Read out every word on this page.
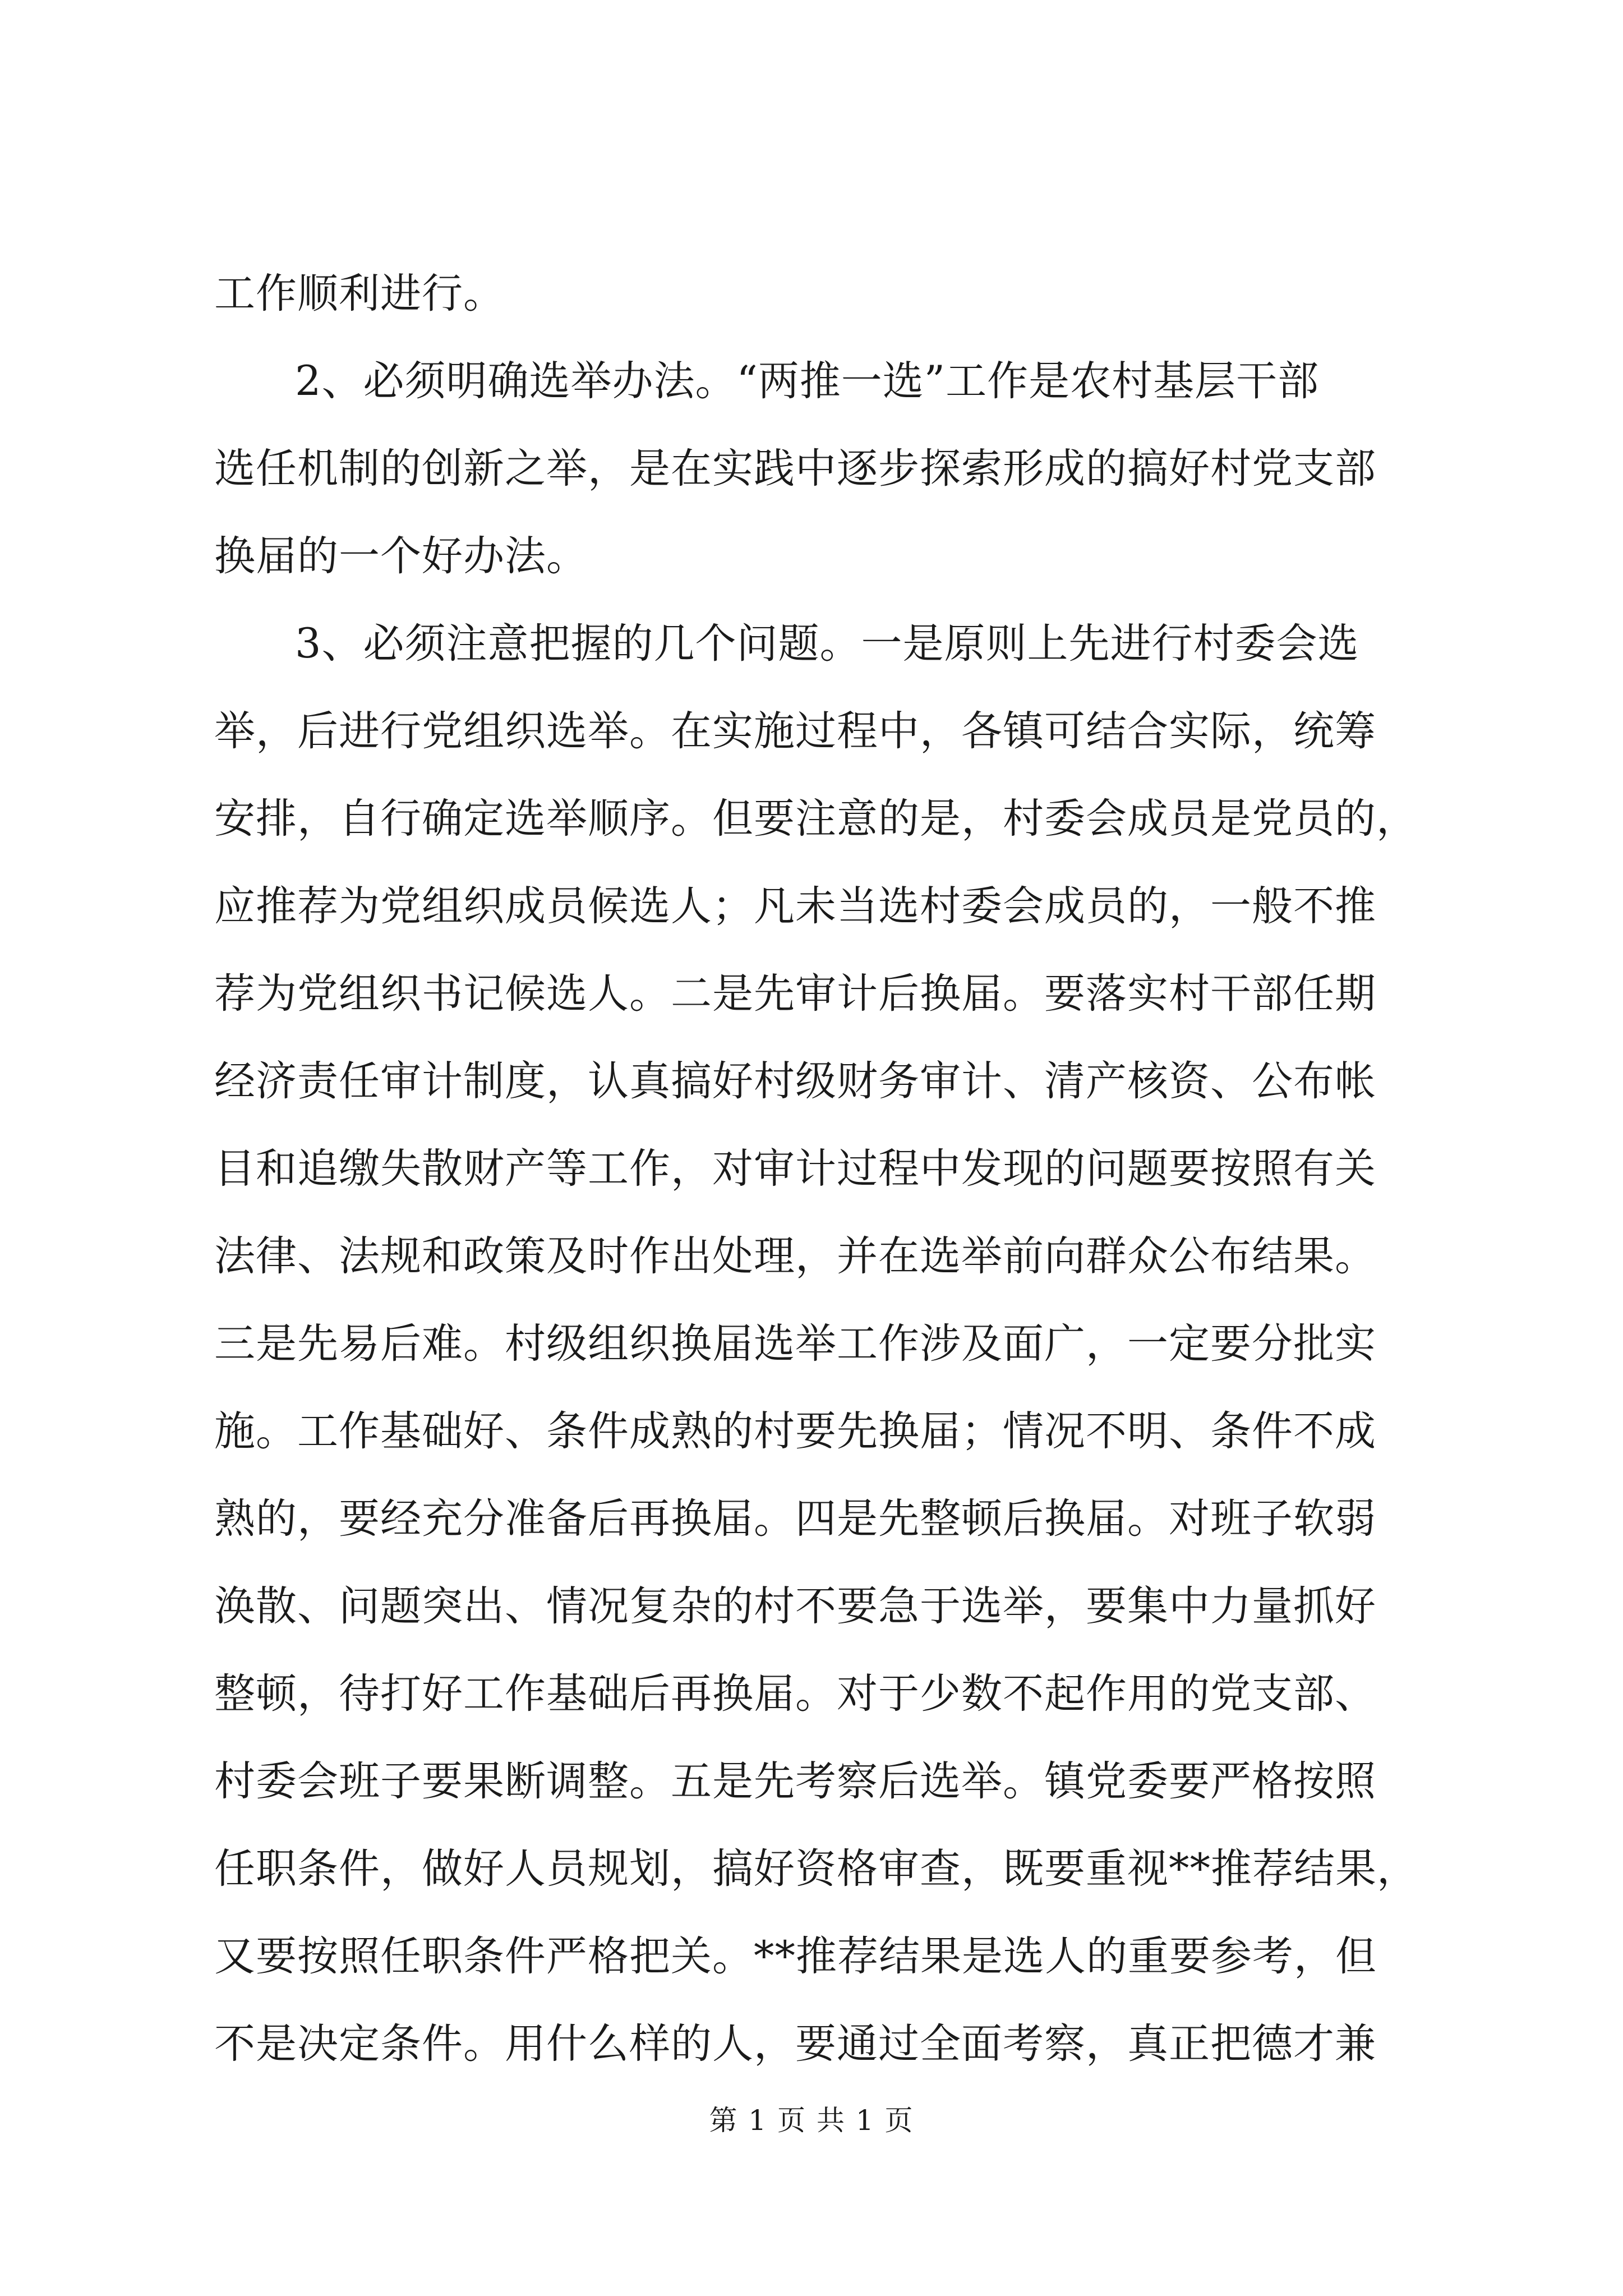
工作顺利进行。
2、必须明确选举办法。“两推一选”工作是农村基层干部
选任机制的创新之举，是在实践中逐步探索形成的搞好村党支部
换届的一个好办法。
3、必须注意把握的几个问题。一是原则上先进行村委会选
举，后进行党组织选举。在实施过程中，各镇可结合实际，统筹
安排，自行确定选举顺序。但要注意的是，村委会成员是党员的，
应推荐为党组织成员候选人；凡未当选村委会成员的，一般不推
荐为党组织书记候选人。二是先审计后换届。要落实村干部任期
经济责任审计制度，认真搞好村级财务审计、清产核资、公布帐
目和追缴失散财产等工作，对审计过程中发现的问题要按照有关
法律、法规和政策及时作出处理，并在选举前向群众公布结果。
三是先易后难。村级组织换届选举工作涉及面广，一定要分批实
施。工作基础好、条件成熟的村要先换届；情况不明、条件不成
熟的，要经充分准备后再换届。四是先整顿后换届。对班子软弱
涣散、问题突出、情况复杂的村不要急于选举，要集中力量抓好
整顿，待打好工作基础后再换届。对于少数不起作用的党支部、
村委会班子要果断调整。五是先考察后选举。镇党委要严格按照
任职条件，做好人员规划，搞好资格审查，既要重视**推荐结果，
又要按照任职条件严格把关。**推荐结果是选人的重要参考，但
不是决定条件。用什么样的人，要通过全面考察，真正把德才兼
第 1 页 共 1 页
